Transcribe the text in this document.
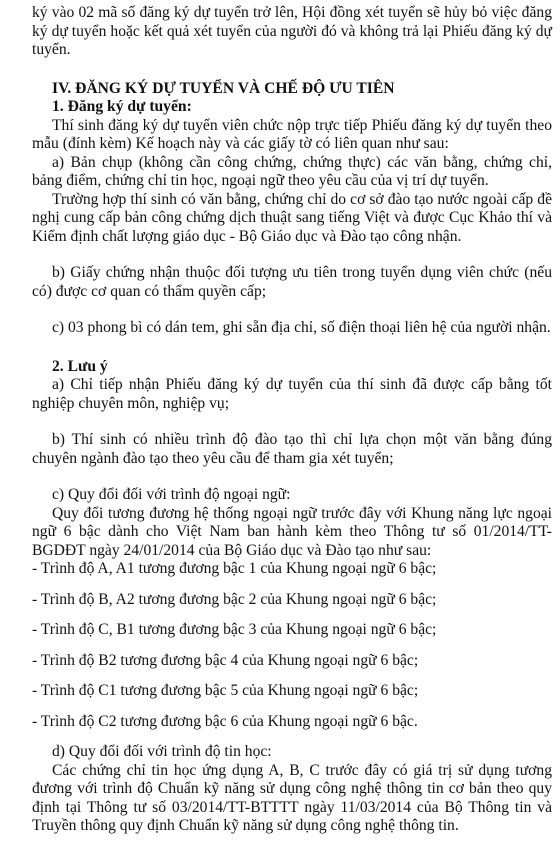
ký vào 02 mã số đăng ký dự tuyển trở lên, Hội đồng xét tuyển sẽ hủy bỏ việc đăng ký dự tuyển hoặc kết quả xét tuyển của người đó và không trả lại Phiếu đăng ký dự tuyển.

IV. ĐĂNG KÝ DỰ TUYỂN VÀ CHẾ ĐỘ ƯU TIÊN

1. Đăng ký dự tuyển:

Thí sinh đăng ký dự tuyển viên chức nộp trực tiếp Phiếu đăng ký dự tuyển theo mẫu (đính kèm) Kế hoạch này và các giấy tờ có liên quan như sau:

a) Bản chụp (không cần công chứng, chứng thực) các văn bằng, chứng chỉ, bảng điểm, chứng chỉ tin học, ngoại ngữ theo yêu cầu của vị trí dự tuyển.

Trường hợp thí sinh có văn bằng, chứng chỉ do cơ sở đào tạo nước ngoài cấp đề nghị cung cấp bản công chứng dịch thuật sang tiếng Việt và được Cục Khảo thí và Kiểm định chất lượng giáo dục - Bộ Giáo dục và Đào tạo công nhận.

b) Giấy chứng nhận thuộc đối tượng ưu tiên trong tuyển dụng viên chức (nếu có) được cơ quan có thẩm quyền cấp;

c) 03 phong bì có dán tem, ghi sẵn địa chỉ, số điện thoại liên hệ của người nhận.

2. Lưu ý

a) Chỉ tiếp nhận Phiếu đăng ký dự tuyển của thí sinh đã được cấp bằng tốt nghiệp chuyên môn, nghiệp vụ;

b) Thí sinh có nhiều trình độ đào tạo thì chỉ lựa chọn một văn bằng đúng chuyên ngành đào tạo theo yêu cầu để tham gia xét tuyển;

c) Quy đổi đối với trình độ ngoại ngữ:

Quy đổi tương đương hệ thống ngoại ngữ trước đây với Khung năng lực ngoại ngữ 6 bậc dành cho Việt Nam ban hành kèm theo Thông tư số 01/2014/TT-BGDĐT ngày 24/01/2014 của Bộ Giáo dục và Đào tạo như sau:

- Trình độ A, A1 tương đương bậc 1 của Khung ngoại ngữ 6 bậc;

- Trình độ B, A2 tương đương bậc 2 của Khung ngoại ngữ 6 bậc;

- Trình độ C, B1 tương đương bậc 3 của Khung ngoại ngữ 6 bậc;

- Trình độ B2 tương đương bậc 4 của Khung ngoại ngữ 6 bậc;

- Trình độ C1 tương đương bậc 5 của Khung ngoại ngữ 6 bậc;

- Trình độ C2 tương đương bậc 6 của Khung ngoại ngữ 6 bậc.

d) Quy đổi đối với trình độ tin học:

Các chứng chỉ tin học ứng dụng A, B, C trước đây có giá trị sử dụng tương đương với trình độ Chuẩn kỹ năng sử dụng công nghệ thông tin cơ bản theo quy định tại Thông tư số 03/2014/TT-BTTTT ngày 11/03/2014 của Bộ Thông tin và Truyền thông quy định Chuẩn kỹ năng sử dụng công nghệ thông tin.
